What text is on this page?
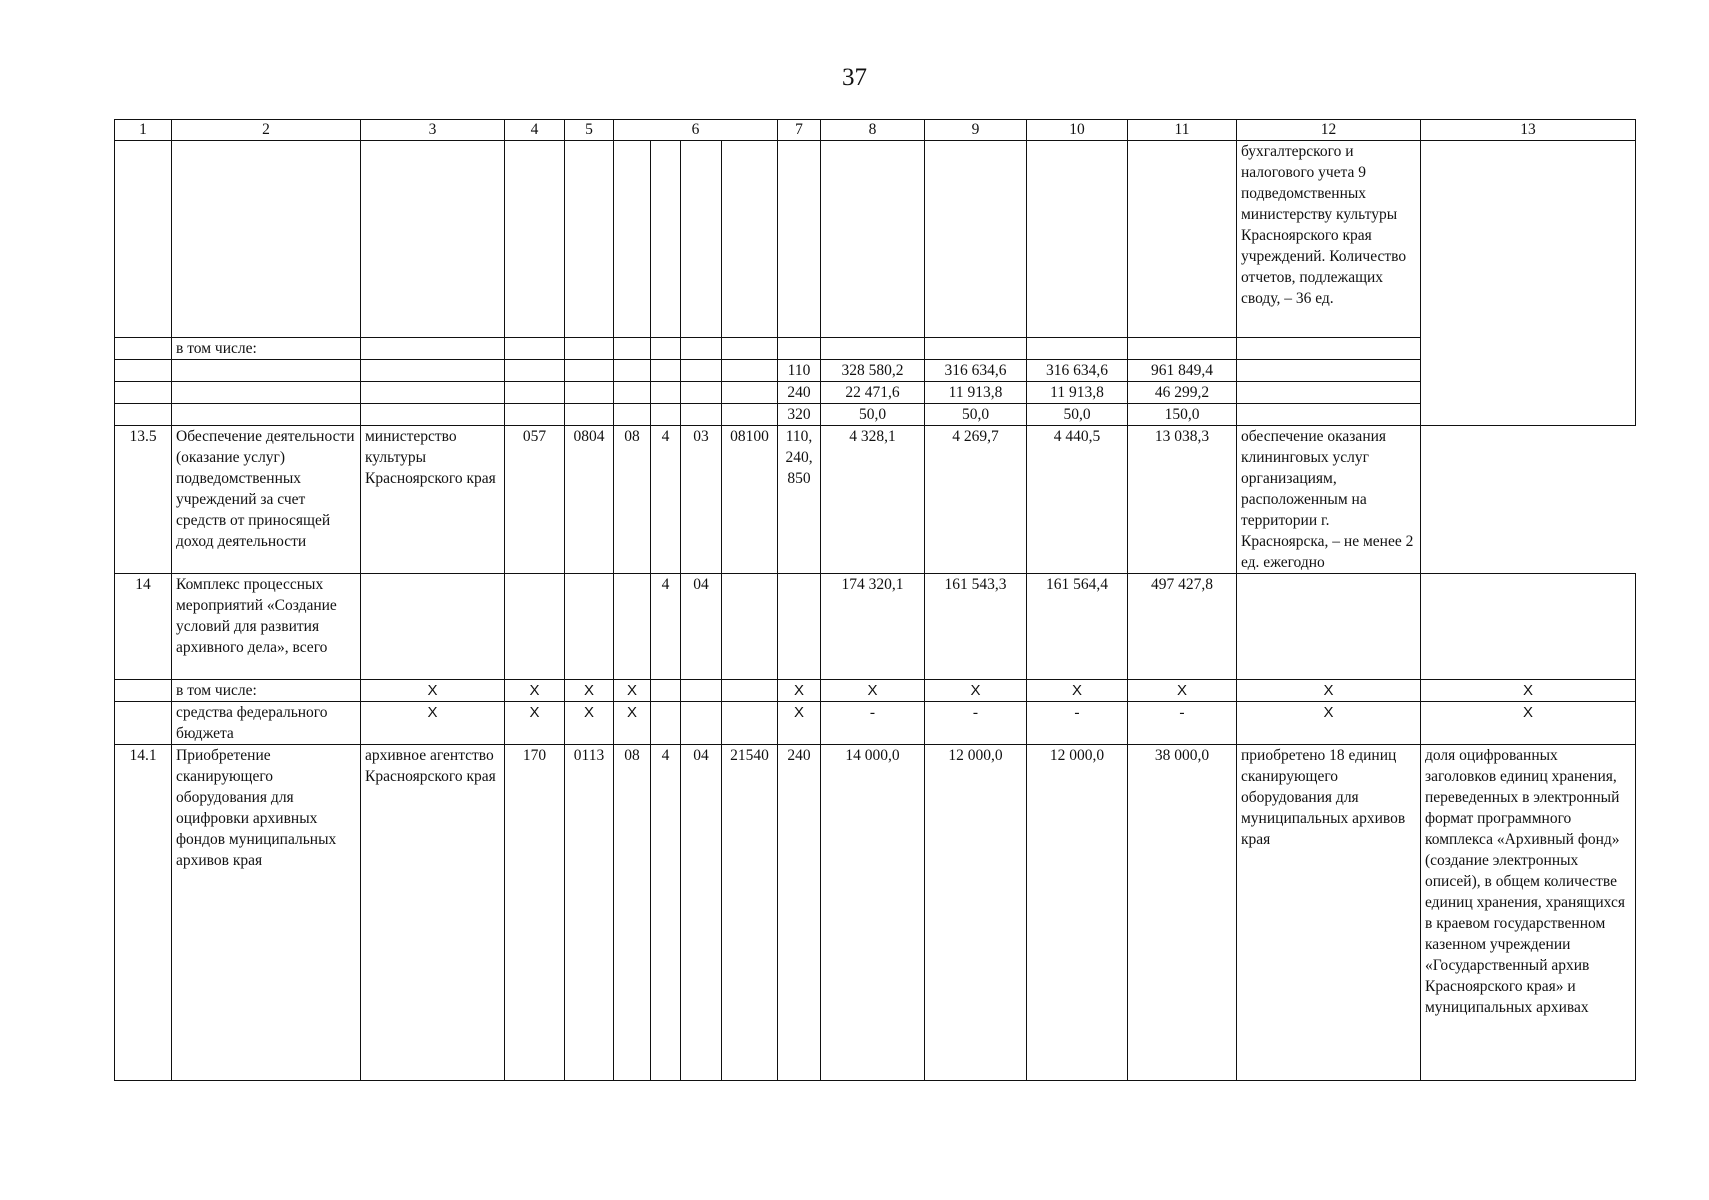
37
1	2	3	4	5	6				7	8	9	10	11	12	13
														бухгалтерского и налогового учета 9 подведомственных министерству культуры Красноярского края учреждений. Количество отчетов, подлежащих своду, – 36 ед.	
	в том числе:														
									110	328 580,2	316 634,6	316 634,6	961 849,4		
									240	22 471,6	11 913,8	11 913,8	46 299,2		
									320	50,0	50,0	50,0	150,0		
13.5	Обеспечение деятельности (оказание услуг) подведомственных учреждений за счет средств от приносящей доход деятельности	министерство культуры Красноярского края	057	0804	08	4	03	08100	110, 240, 850	4 328,1	4 269,7	4 440,5	13 038,3	обеспечение оказания клининговых услуг организациям, расположенным на территории г. Красноярска, – не менее 2 ед. ежегодно	
14	Комплекс процессных мероприятий «Создание условий для развития архивного дела», всего					4	04			174 320,1	161 543,3	161 564,4	497 427,8		
	в том числе:	Х	Х	Х	Х				Х	Х	Х	Х	Х	Х	Х
	средства федерального бюджета	Х	Х	Х	Х				Х	-	-	-	-	Х	Х
14.1	Приобретение сканирующего оборудования для оцифровки архивных фондов муниципальных архивов края	архивное агентство Красноярского края	170	0113	08	4	04	21540	240	14 000,0	12 000,0	12 000,0	38 000,0	приобретено 18 единиц сканирующего оборудования для муниципальных архивов края	доля оцифрованных заголовков единиц хранения, переведенных в электронный формат программного комплекса «Архивный фонд» (создание электронных описей), в общем количестве единиц хранения, хранящихся в краевом государственном казенном учреждении «Государственный архив Красноярского края» и муниципальных архивах
